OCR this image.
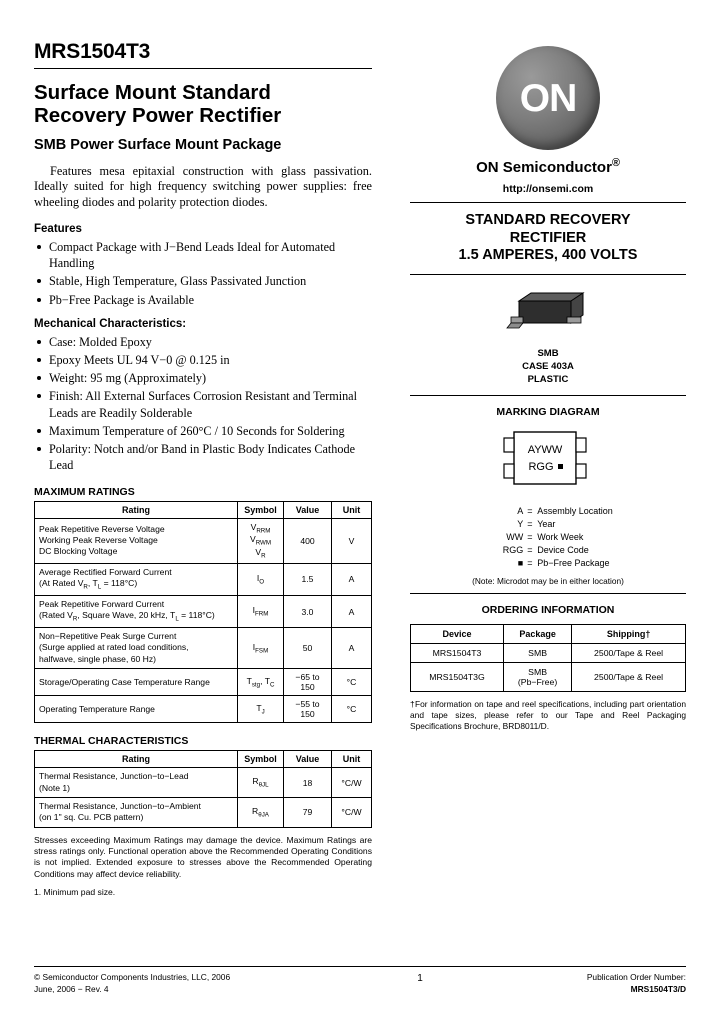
MRS1504T3
Surface Mount Standard
Recovery Power Rectifier
SMB Power Surface Mount Package

Features mesa epitaxial construction with glass passivation. Ideally suited for high frequency switching power supplies: free wheeling diodes and polarity protection diodes.

Features
Compact Package with J−Bend Leads Ideal for Automated Handling
Stable, High Temperature, Glass Passivated Junction
Pb−Free Package is Available
Mechanical Characteristics:
Case: Molded Epoxy
Epoxy Meets UL 94 V−0 @ 0.125 in
Weight: 95 mg (Approximately)
Finish: All External Surfaces Corrosion Resistant and Terminal Leads are Readily Solderable
Maximum Temperature of 260°C / 10 Seconds for Soldering
Polarity: Notch and/or Band in Plastic Body Indicates Cathode Lead
MAXIMUM RATINGS
Rating	Symbol	Value	Unit
Peak Repetitive Reverse Voltage
Working Peak Reverse Voltage
DC Blocking Voltage	$V_{RRM}$
$V_{RWM}$
$V_R$	400	V
Average Rectified Forward Current
(At Rated $V_R$, $T_L = 118^\circ C$)	$I_O$	1.5	A
Peak Repetitive Forward Current
(Rated $V_R$, Square Wave, 20 kHz, $T_L = 118^\circ C$)	$I_{FRM}$	3.0	A
Non−Repetitive Peak Surge Current
(Surge applied at rated load conditions,
halfwave, single phase, 60 Hz)	$I_{FSM}$	50	A
Storage/Operating Case Temperature Range	$T_{stg}$, $T_C$	−65 to 150	°C
Operating Temperature Range	$T_J$	−55 to 150	°C
THERMAL CHARACTERISTICS
Rating	Symbol	Value	Unit
Thermal Resistance, Junction−to−Lead
(Note 1)	$R_{\theta JL}$	18	°C/W
Thermal Resistance, Junction−to−Ambient
(on 1" sq. Cu. PCB pattern)	$R_{\theta JA}$	79	°C/W
Stresses exceeding Maximum Ratings may damage the device. Maximum Ratings are stress ratings only. Functional operation above the Recommended Operating Conditions is not implied. Extended exposure to stresses above the Recommended Operating Conditions may affect device reliability.
1. Minimum pad size.
ON
ON Semiconductor®
http://onsemi.com
STANDARD RECOVERY
RECTIFIER
1.5 AMPERES, 400 VOLTS
SMB
CASE 403A
PLASTIC
MARKING DIAGRAM
AYWW
RGG
A	=	Assembly Location
Y	=	Year
WW	=	Work Week
RGG	=	Device Code
■	=	Pb−Free Package
(Note: Microdot may be in either location)
ORDERING INFORMATION
Device	Package	Shipping†
MRS1504T3	SMB	2500/Tape & Reel
MRS1504T3G	SMB
(Pb−Free)	2500/Tape & Reel
†For information on tape and reel specifications, including part orientation and tape sizes, please refer to our Tape and Reel Packaging Specifications Brochure, BRD8011/D.
© Semiconductor Components Industries, LLC, 2006
June, 2006 − Rev. 4
1	Publication Order Number:
MRS1504T3/D
